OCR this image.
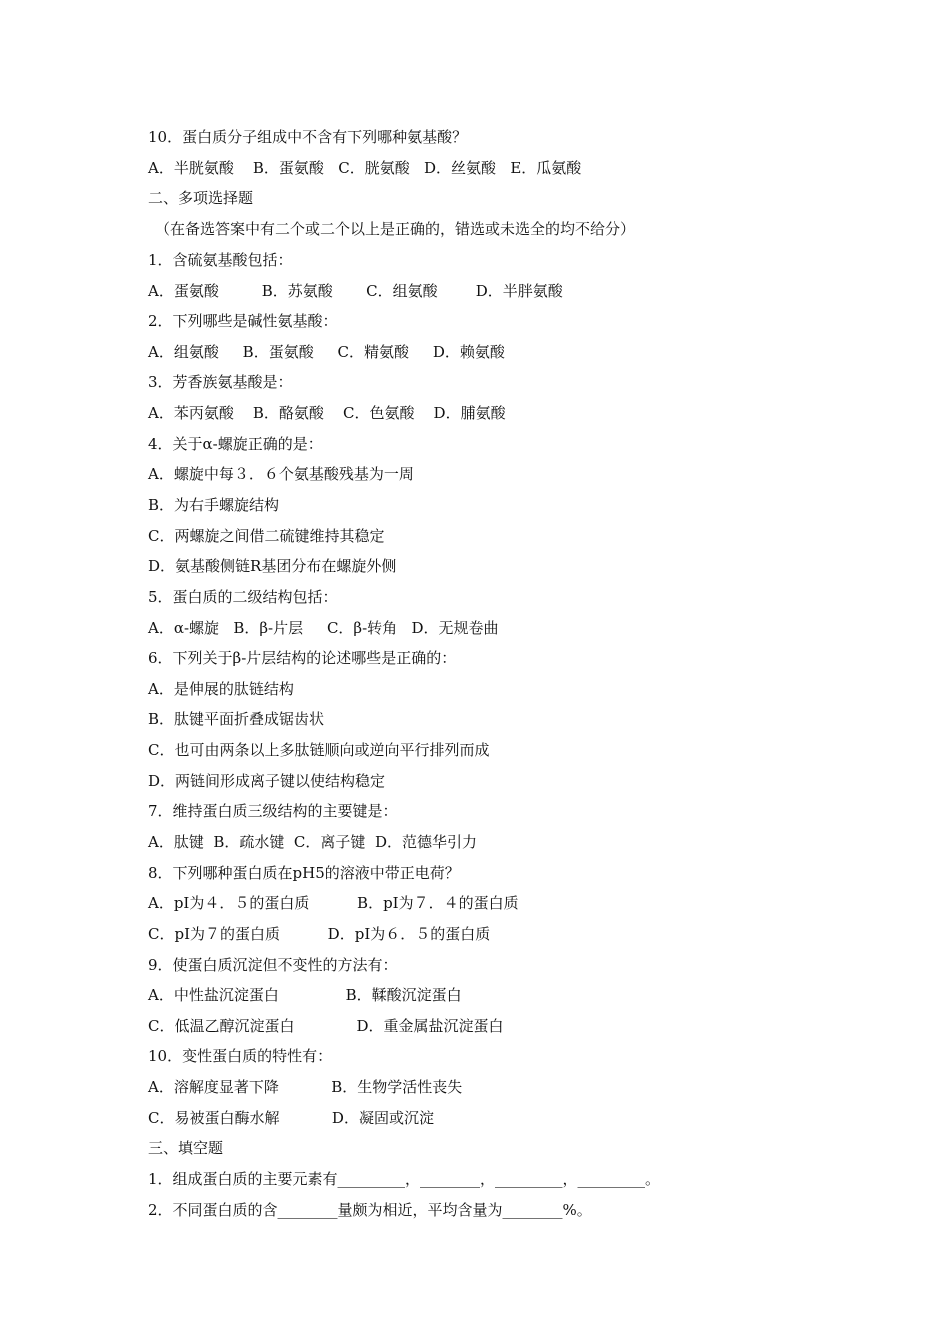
10．蛋白质分子组成中不含有下列哪种氨基酸？

A．半胱氨酸    B．蛋氨酸   C．胱氨酸   D．丝氨酸   E．瓜氨酸

二、多项选择题

（在备选答案中有二个或二个以上是正确的，错选或未选全的均不给分）

1．含硫氨基酸包括：

A．蛋氨酸         B．苏氨酸       C．组氨酸        D．半胖氨酸

2．下列哪些是碱性氨基酸：

A．组氨酸     B．蛋氨酸     C．精氨酸     D．赖氨酸

3．芳香族氨基酸是：

A．苯丙氨酸    B．酪氨酸    C．色氨酸    D．脯氨酸

4．关于α-螺旋正确的是：

A．螺旋中每３．６个氨基酸残基为一周

B．为右手螺旋结构

C．两螺旋之间借二硫键维持其稳定

D．氨基酸侧链R基团分布在螺旋外侧

5．蛋白质的二级结构包括：

A．α-螺旋   B．β-片层     C．β-转角   D．无规卷曲

6．下列关于β-片层结构的论述哪些是正确的：

A．是伸展的肽链结构

B．肽键平面折叠成锯齿状

C．也可由两条以上多肽链顺向或逆向平行排列而成

D．两链间形成离子键以使结构稳定

7．维持蛋白质三级结构的主要键是：

A．肽键  B．疏水键  C．离子键  D．范德华引力

8．下列哪种蛋白质在pH5的溶液中带正电荷？

A．pI为４．５的蛋白质          B．pI为７．４的蛋白质

C．pI为７的蛋白质          D．pI为６．５的蛋白质

9．使蛋白质沉淀但不变性的方法有：

A．中性盐沉淀蛋白              B．鞣酸沉淀蛋白

C．低温乙醇沉淀蛋白             D．重金属盐沉淀蛋白

10．变性蛋白质的特性有：

A．溶解度显著下降           B．生物学活性丧失

C．易被蛋白酶水解           D．凝固或沉淀

三、填空题

1．组成蛋白质的主要元素有_________，________，_________，_________。

2．不同蛋白质的含________量颇为相近，平均含量为________%。
